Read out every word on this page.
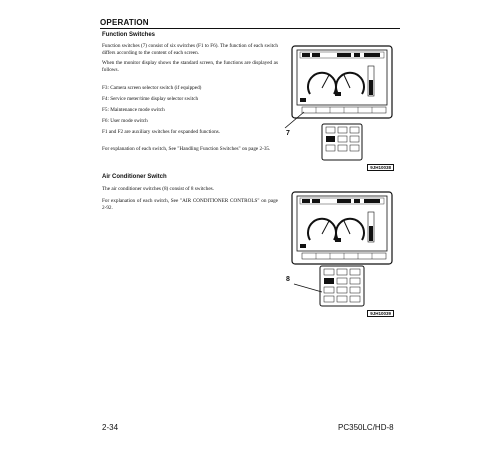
OPERATION
Function Switches
Function switches (7) consist of six switches (F1 to F6). The function of each switch differs according to the content of each screen.
When the monitor display shows the standard screen, the functions are displayed as follows.
F3: Camera screen selector switch (if equipped)
F4: Service meter/time display selector switch
F5: Maintenance mode switch
F6: User mode switch
F1 and F2 are auxiliary switches for expanded functions.
For explanation of each switch, See "Handling Function Switches" on page 2-35.
7
9JH10038
Air Conditioner Switch
The air conditioner switches (8) consist of 8 switches.
For explanation of each switch, See "AIR CONDITIONER CONTROLS" on page 2-92.
8
9JH10039
2-34	PC350LC/HD-8
